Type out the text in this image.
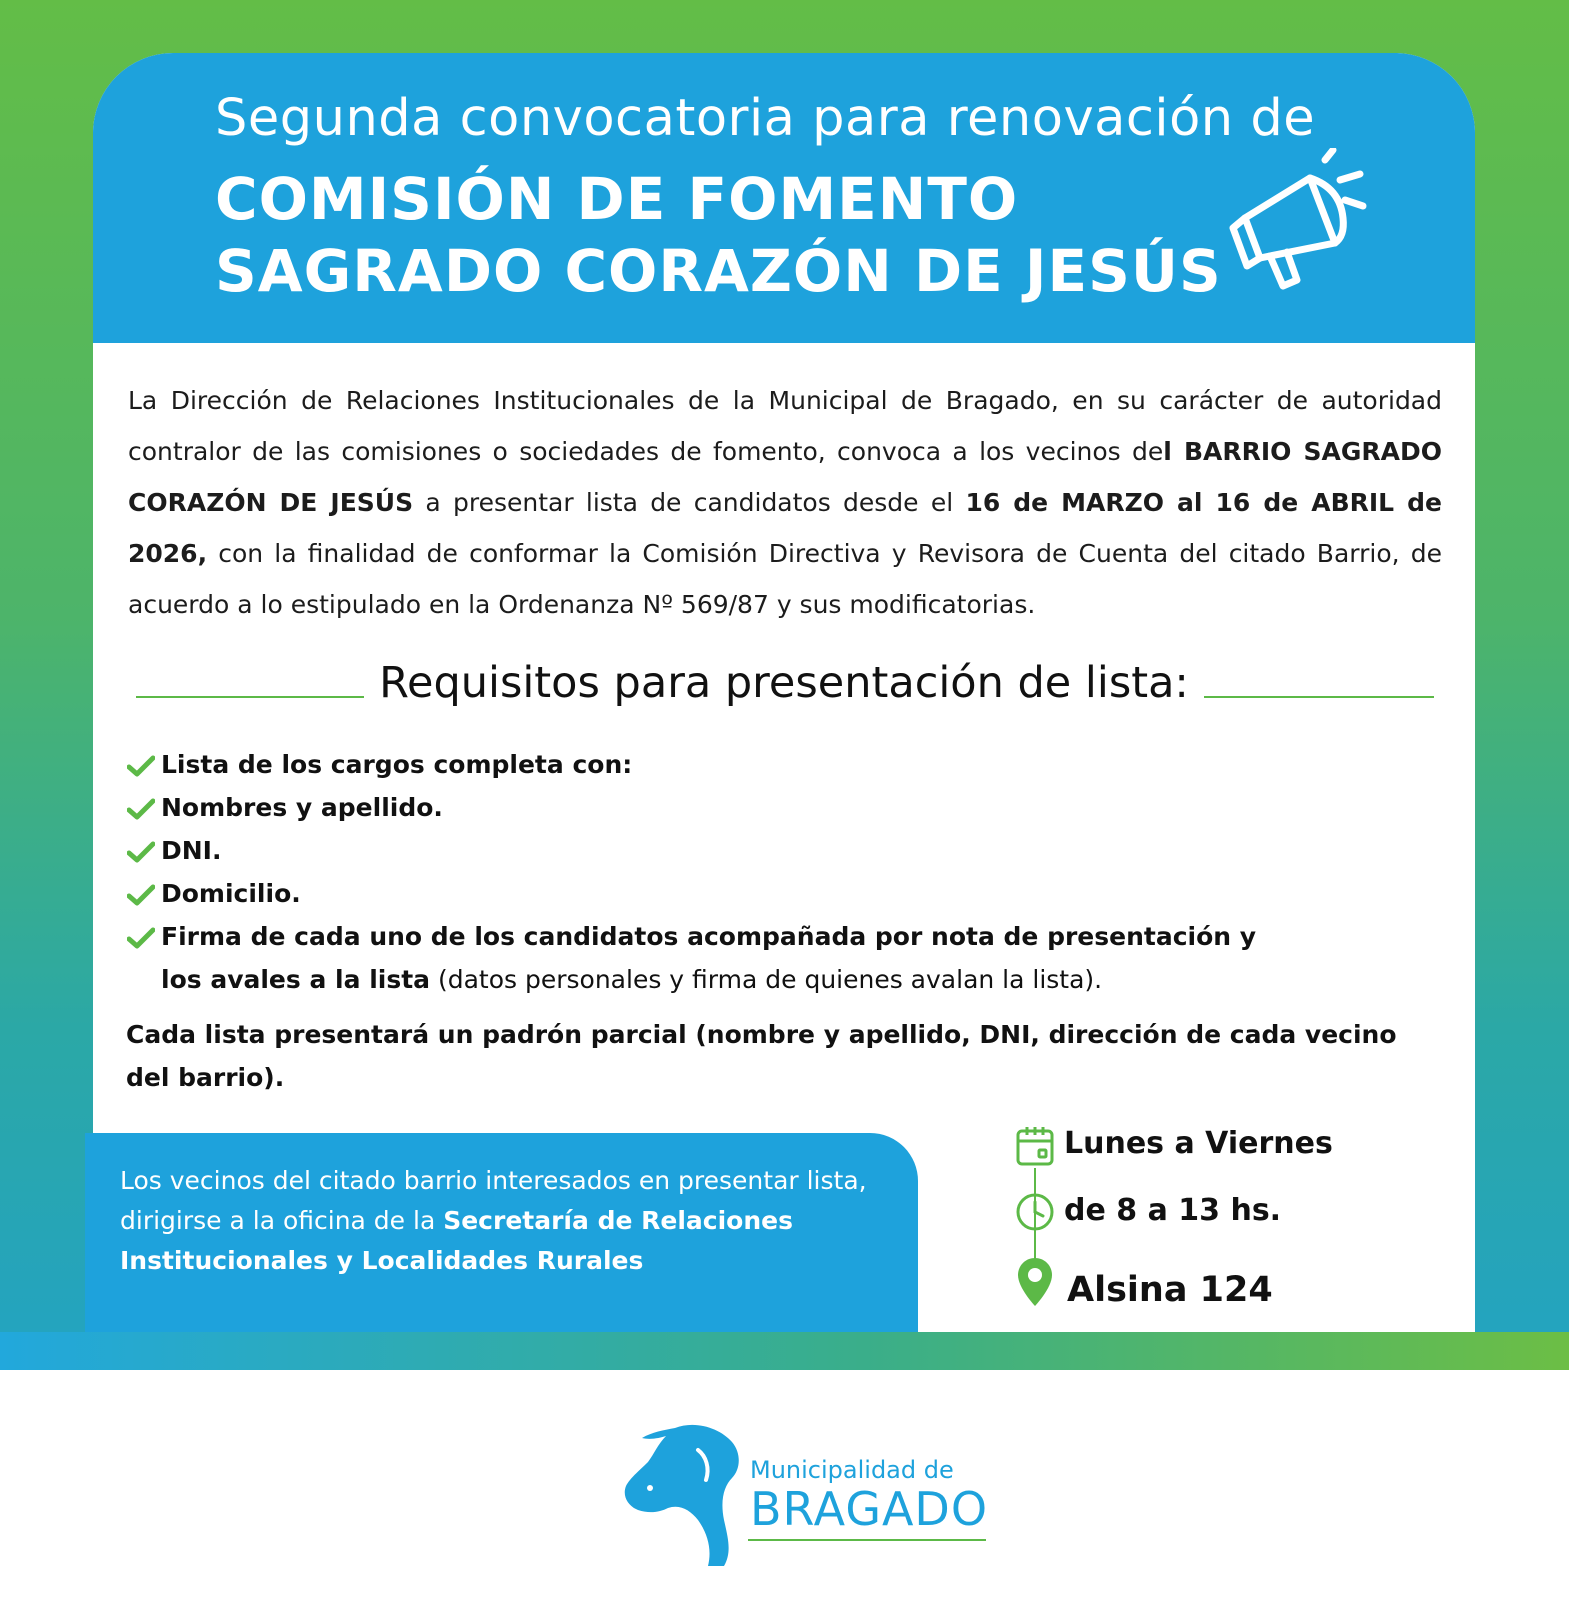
Segunda convocatoria para renovación de
COMISIÓN DE FOMENTO
SAGRADO CORAZÓN DE JESÚS
La Dirección de Relaciones Institucionales de la Municipal de Bragado, en su carácter de autoridad contralor de las comisiones o sociedades de fomento, convoca a los vecinos del BARRIO SAGRADO CORAZÓN DE JESÚS a presentar lista de candidatos desde el 16 de MARZO al 16 de ABRIL de 2026, con la finalidad de conformar la Comisión Directiva y Revisora de Cuenta del citado Barrio, de acuerdo a lo estipulado en la Ordenanza Nº 569/87 y sus modificatorias.
Requisitos para presentación de lista:
Lista de los cargos completa con:
Nombres y apellido.
DNI.
Domicilio.
Firma de cada uno de los candidatos acompañada por nota de presentación y los avales a la lista (datos personales y firma de quienes avalan la lista).
Cada lista presentará un padrón parcial (nombre y apellido, DNI, dirección de cada vecino del barrio).
Los vecinos del citado barrio interesados en presentar lista, dirigirse a la oficina de la Secretaría de Relaciones Institucionales y Localidades Rurales
Lunes a Viernes
de 8 a 13 hs.
Alsina 124
Municipalidad de
BRAGADO
